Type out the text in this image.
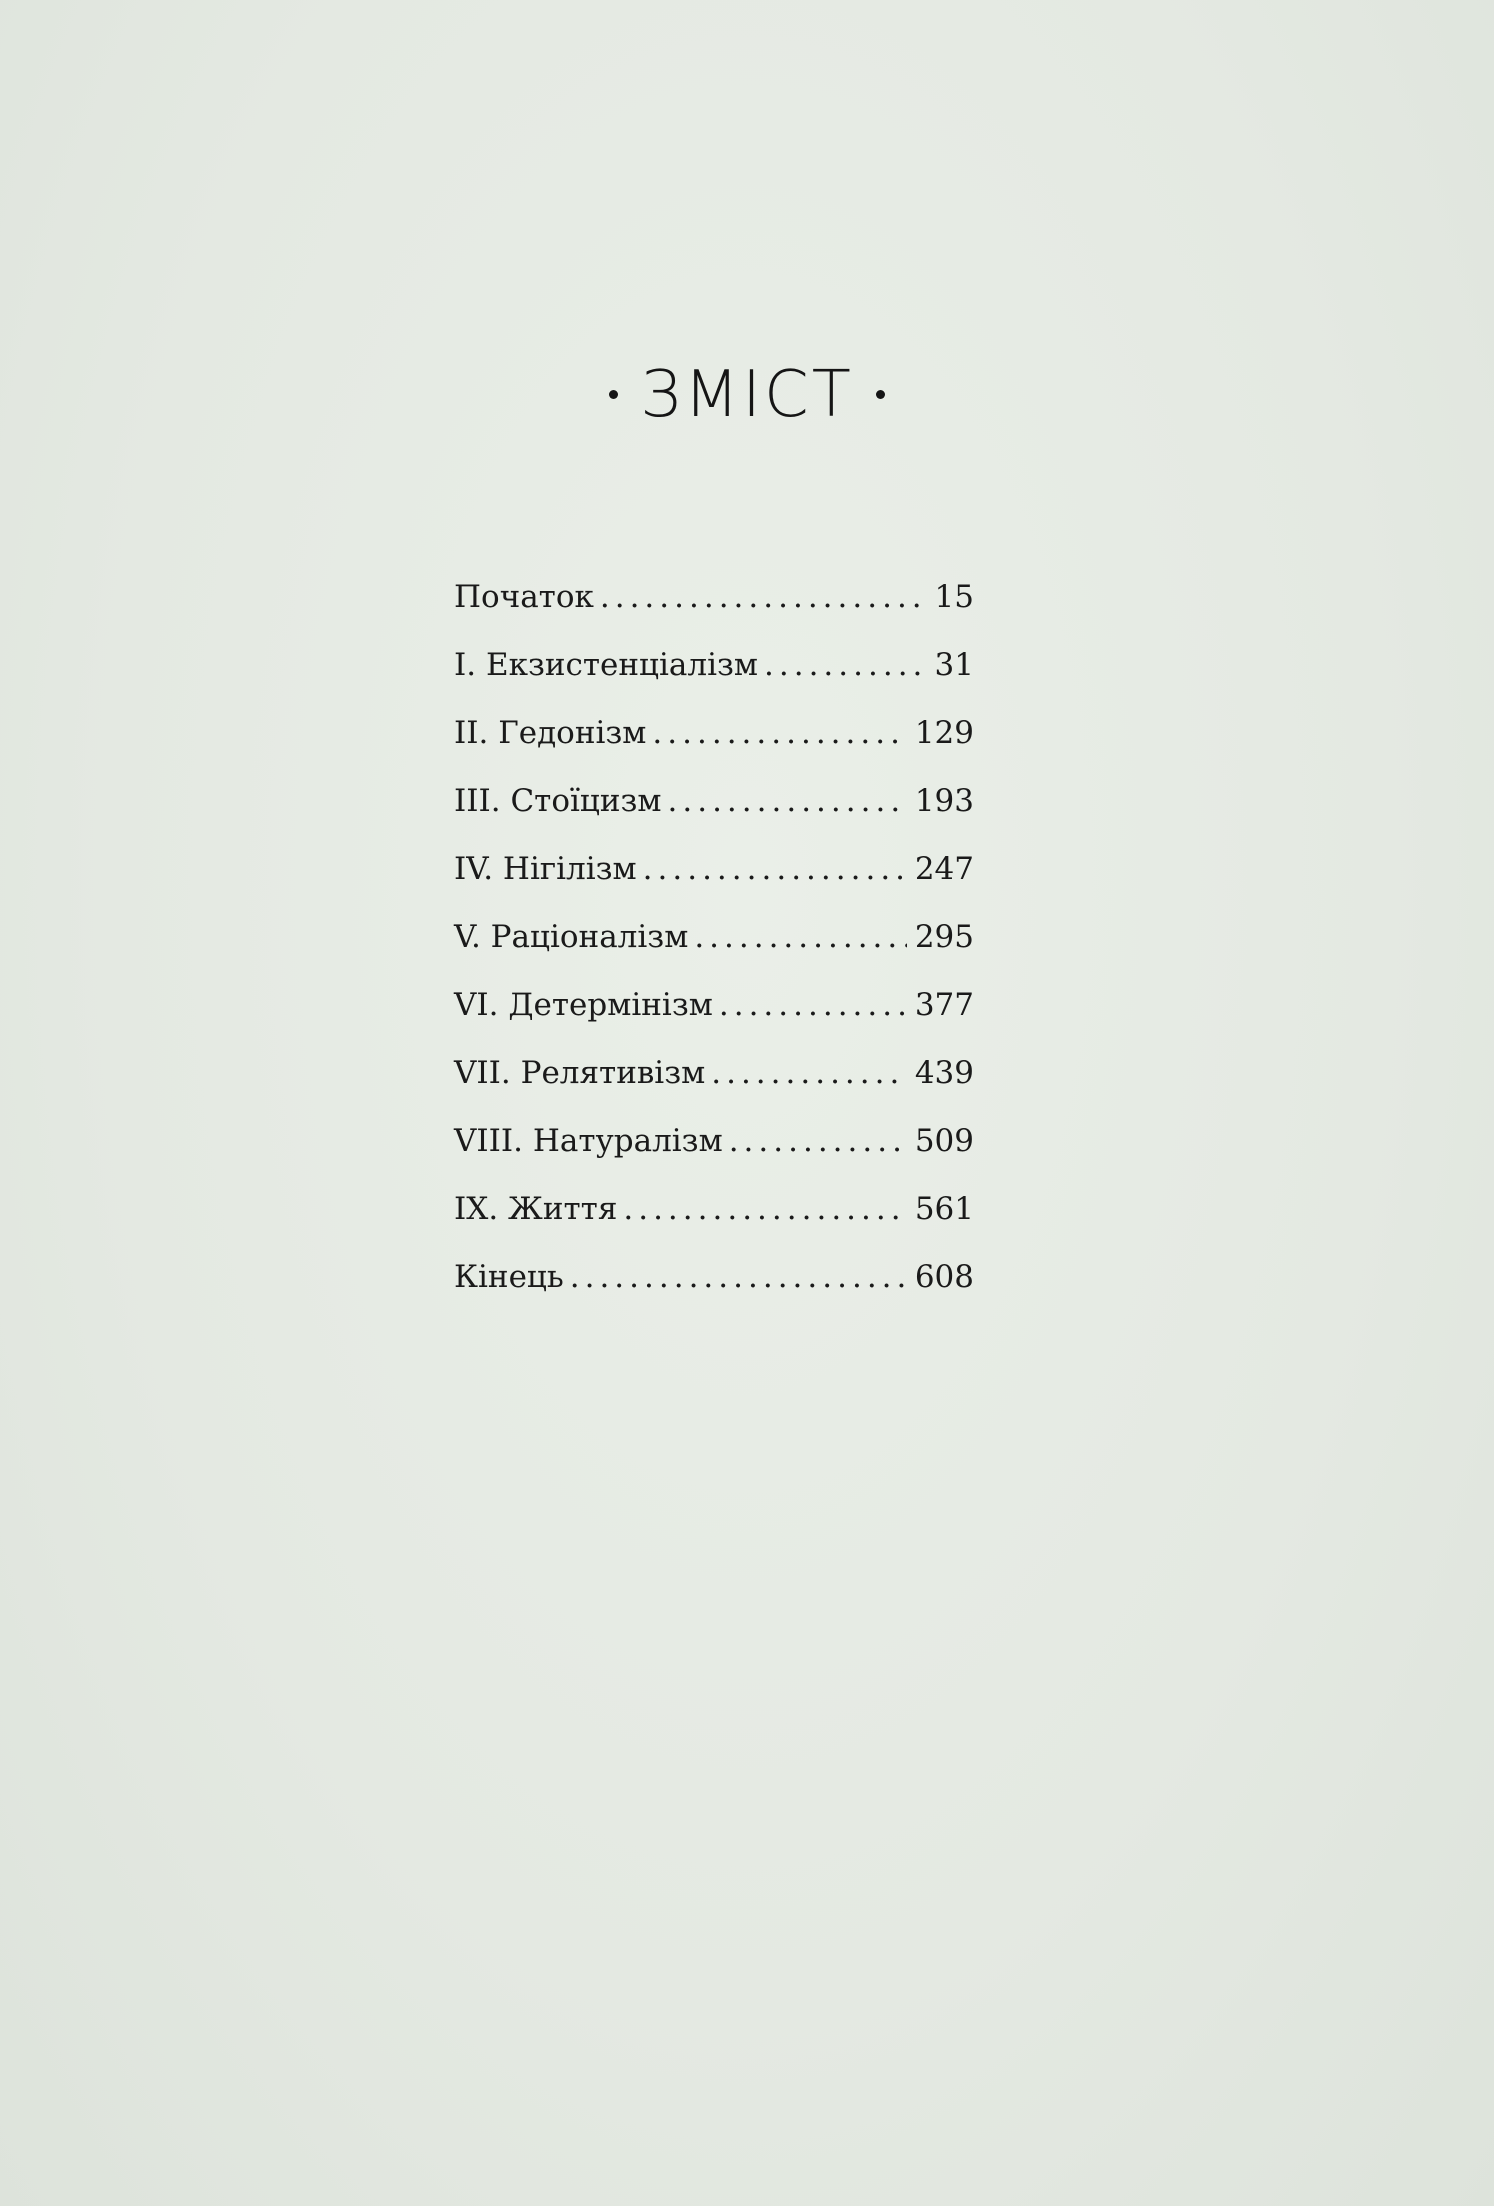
ЗМІСТ
Початок .....	15
I. Екзистенціалізм .....	31
II. Гедонізм .....	129
III. Стоїцизм .....	193
IV. Нігілізм .....	247
V. Раціоналізм .....	295
VI. Детермінізм .....	377
VII. Релятивізм .....	439
VIII. Натуралізм .....	509
IX. Життя .....	561
Кінець .....	608
